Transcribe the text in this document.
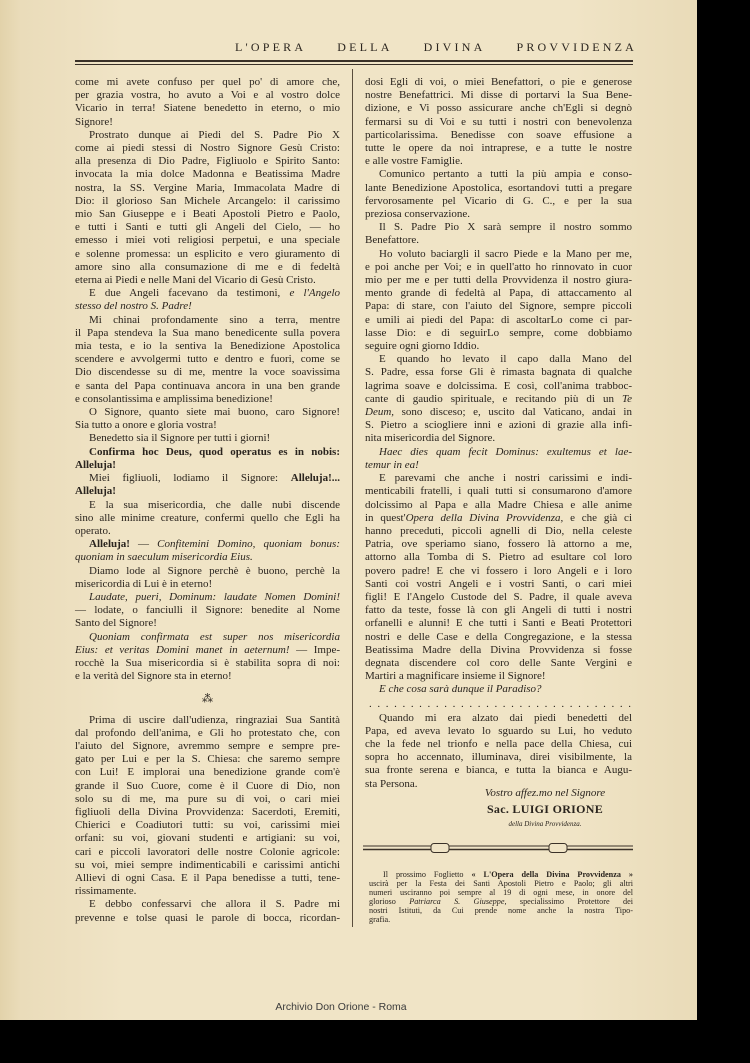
L'OPERA DELLA DIVINA PROVVIDENZA
come mi avete confuso per quel po' di amore che,
per grazia vostra, ho avuto a Voi e al vostro dolce
Vicario in terra! Siatene benedetto in eterno, o mio
Signore!
Prostrato dunque ai Piedi del S. Padre Pio X
come ai piedi stessi di Nostro Signore Gesù Cristo:
alla presenza di Dio Padre, Figliuolo e Spirito Santo:
invocata la mia dolce Madonna e Beatissima Madre
nostra, la SS. Vergine Maria, Immacolata Madre di
Dio: il glorioso San Michele Arcangelo: il carissimo
mio San Giuseppe e i Beati Apostoli Pietro e Paolo,
e tutti i Santi e tutti gli Angeli del Cielo, — ho
emesso i miei voti religiosi perpetui, e una speciale
e solenne promessa: un esplicito e vero giuramento di
amore sino alla consumazione di me e di fedeltà
eterna ai Piedi e nelle Mani del Vicario di Gesù Cristo.
E due Angeli facevano da testimoni, e l'Angelo
stesso del nostro S. Padre!
Mi chinai profondamente sino a terra, mentre
il Papa stendeva la Sua mano benedicente sulla povera
mia testa, e io la sentiva la Benedizione Apostolica
scendere e avvolgermi tutto e dentro e fuori, come se
Dio discendesse su di me, mentre la voce soavissima
e santa del Papa continuava ancora in una ben grande
e consolantissima e amplissima benedizione!
O Signore, quanto siete mai buono, caro Signore!
Sia tutto a onore e gloria vostra!
Benedetto sia il Signore per tutti i giorni!
Confirma hoc Deus, quod operatus es in nobis:
Alleluja!
Miei figliuoli, lodiamo il Signore: Alleluja!...
Alleluja!
E la sua misericordia, che dalle nubi discende
sino alle minime creature, confermi quello che Egli ha
operato.
Alleluja! — Confitemini Domino, quoniam bonus:
quoniam in saeculum misericordia Eius.
Diamo lode al Signore perchè è buono, perchè la
misericordia di Lui è in eterno!
Laudate, pueri, Dominum: laudate Nomen Domini!
— lodate, o fanciulli il Signore: benedite al Nome
Santo del Signore!
Quoniam confirmata est super nos misericordia
Eius: et veritas Domini manet in aeternum! — Impe-
rocchè la Sua misericordia si è stabilita sopra di noi:
e la verità del Signore sta in eterno!
⁂
Prima di uscire dall'udienza, ringraziai Sua Santità
dal profondo dell'anima, e Gli ho protestato che, con
l'aiuto del Signore, avremmo sempre e sempre pre-
gato per Lui e per la S. Chiesa: che saremo sempre
con Lui! E implorai una benedizione grande com'è
grande il Suo Cuore, come è il Cuore di Dio, non
solo su di me, ma pure su di voi, o cari miei
figliuoli della Divina Provvidenza: Sacerdoti, Eremiti,
Chierici e Coadiutori tutti: su voi, carissimi miei
orfani: su voi, giovani studenti e artigiani: su voi,
cari e piccoli lavoratori delle nostre Colonie agricole:
su voi, miei sempre indimenticabili e carissimi antichi
Allievi di ogni Casa. E il Papa benedisse a tutti, tene-
rissimamente.
E debbo confessarvi che allora il S. Padre mi
prevenne e tolse quasi le parole di bocca, ricordan-
dosi Egli di voi, o miei Benefattori, o pie e generose
nostre Benefattrici. Mi disse di portarvi la Sua Bene-
dizione, e Vi posso assicurare anche ch'Egli si degnò
fermarsi su di Voi e su tutti i nostri con benevolenza
particolarissima. Benedisse con soave effusione a
tutte le opere da noi intraprese, e a tutte le nostre
e alle vostre Famiglie.
Comunico pertanto a tutti la più ampia e conso-
lante Benedizione Apostolica, esortandovi tutti a pregare
fervorosamente pel Vicario di G. C., e per la sua
preziosa conservazione.
Il S. Padre Pio X sarà sempre il nostro sommo
Benefattore.
Ho voluto baciargli il sacro Piede e la Mano per me,
e poi anche per Voi; e in quell'atto ho rinnovato in cuor
mio per me e per tutti della Provvidenza il nostro giura-
mento grande di fedeltà al Papa, di attaccamento al
Papa: di stare, con l'aiuto del Signore, sempre piccoli
e umili ai piedi del Papa: di ascoltarLo come ci par-
lasse Dio: e di seguirLo sempre, come dobbiamo
seguire ogni giorno Iddio.
E quando ho levato il capo dalla Mano del
S. Padre, essa forse Gli è rimasta bagnata di qualche
lagrima soave e dolcissima. E così, coll'anima trabboc-
cante di gaudio spirituale, e recitando più di un Te
Deum, sono disceso; e, uscito dal Vaticano, andai in
S. Pietro a sciogliere inni e azioni di grazie alla infi-
nita misericordia del Signore.
Haec dies quam fecit Dominus: exultemus et lae-
temur in ea!
E parevami che anche i nostri carissimi e indi-
menticabili fratelli, i quali tutti si consumarono d'amore
dolcissimo al Papa e alla Madre Chiesa e alle anime
in quest'Opera della Divina Provvidenza, e che già ci
hanno preceduti, piccoli agnelli di Dio, nella celeste
Patria, ove speriamo siano, fossero là attorno a me,
attorno alla Tomba di S. Pietro ad esultare col loro
povero padre! E che vi fossero i loro Angeli e i loro
Santi coi vostri Angeli e i vostri Santi, o cari miei
figli! E l'Angelo Custode del S. Padre, il quale aveva
fatto da teste, fosse là con gli Angeli di tutti i nostri
orfanelli e alunni! E che tutti i Santi e Beati Protettori
nostri e delle Case e della Congregazione, e la stessa
Beatissima Madre della Divina Provvidenza si fosse
degnata discendere col coro delle Sante Vergini e
Martiri a magnificare insieme il Signore!
E che cosa sarà dunque il Paradiso?
. . . . . . . . . . . . . . . . . . . . . . . . . . . . . . . .
Quando mi era alzato dai piedi benedetti del
Papa, ed aveva levato lo sguardo su Lui, ho veduto
che la fede nel trionfo e nella pace della Chiesa, cui
sopra ho accennato, illuminava, direi visibilmente, la
sua fronte serena e bianca, e tutta la bianca e Augu-
sta Persona.
Vostro affez.mo nel Signore
Sac. LUIGI ORIONE
della Divina Provvidenza.
Il prossimo Foglietto « L'Opera della Divina Provvidenza »
uscirà per la Festa dei Santi Apostoli Pietro e Paolo; gli altri
numeri usciranno poi sempre al 19 di ogni mese, in onore del
glorioso Patriarca S. Giuseppe, specialissimo Protettore dei
nostri Istituti, da Cui prende nome anche la nostra Tipo-
grafia.
Archivio Don Orione - Roma
